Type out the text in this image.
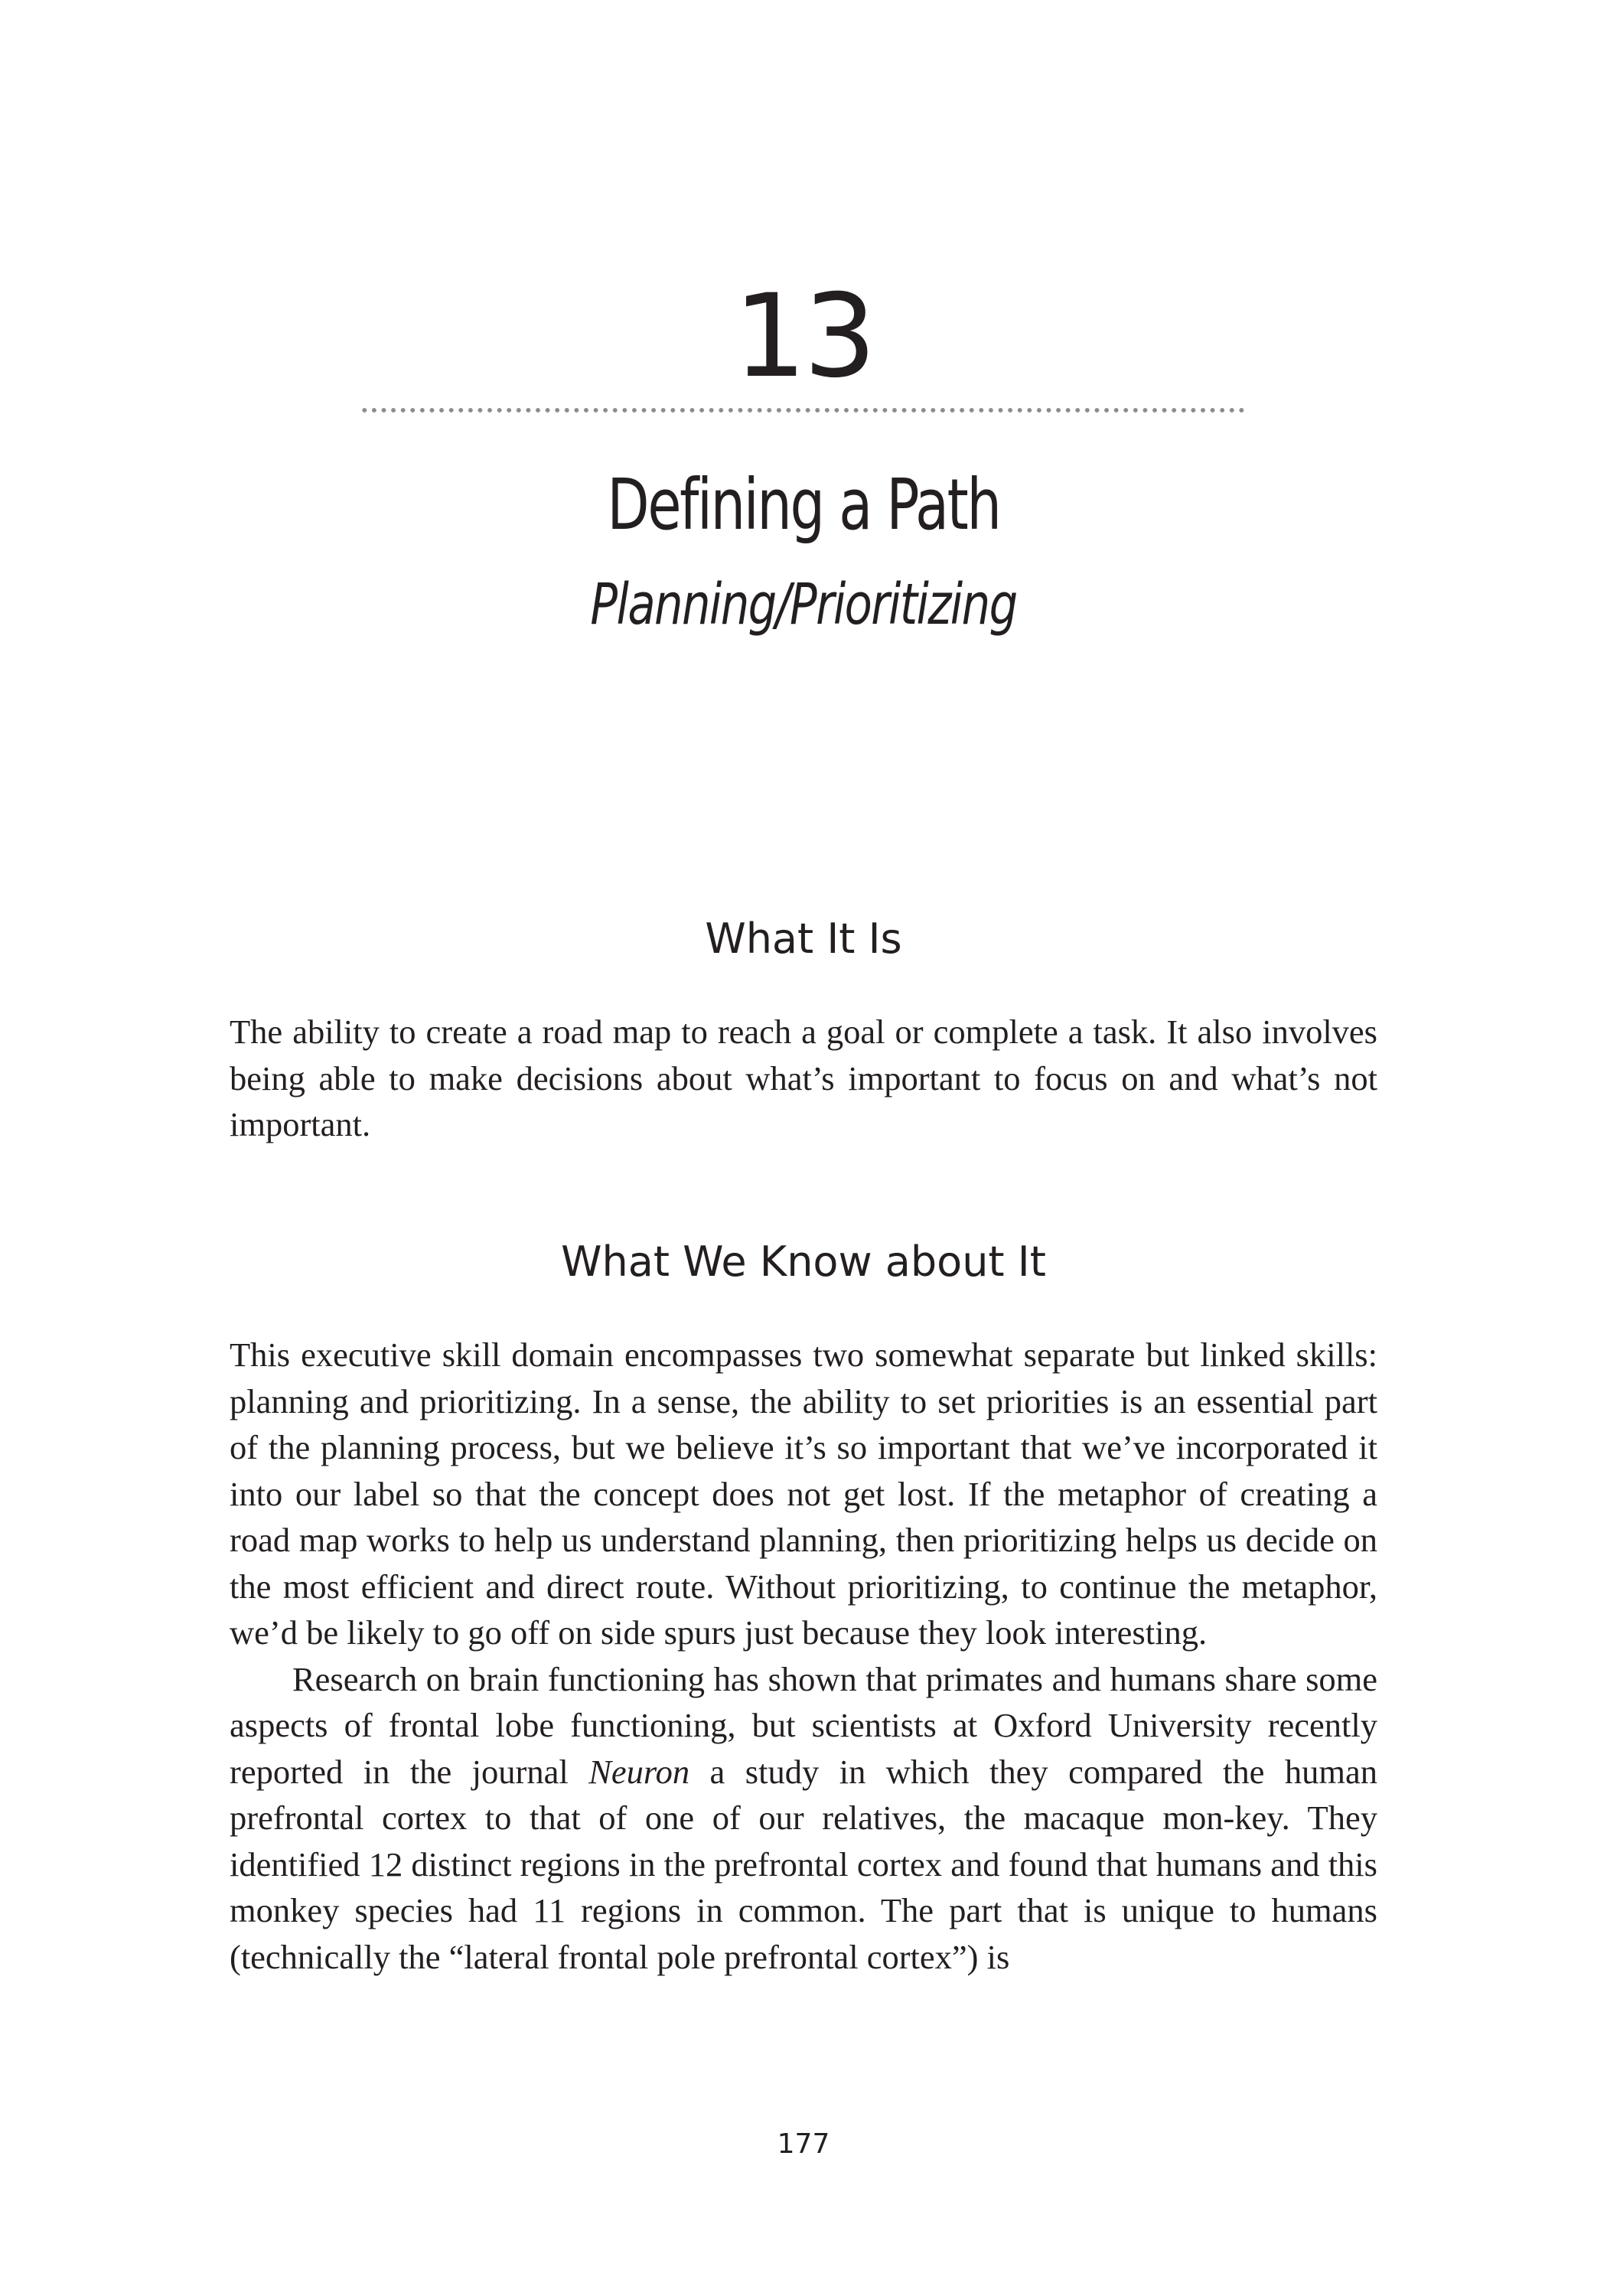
13
Defining a Path
Planning/Prioritizing
What It Is

The ability to create a road map to reach a goal or complete a task. It also involves being able to make decisions about what’s important to focus on and what’s not important.

What We Know about It

This executive skill domain encompasses two somewhat separate but linked skills: planning and prioritizing. In a sense, the ability to set priorities is an essential part of the planning process, but we believe it’s so important that we’ve incorporated it into our label so that the concept does not get lost. If the metaphor of creating a road map works to help us understand planning, then prioritizing helps us decide on the most efficient and direct route. Without prioritizing, to continue the metaphor, we’d be likely to go off on side spurs just because they look interesting.

Research on brain functioning has shown that primates and humans share some aspects of frontal lobe functioning, but scientists at Oxford University recently reported in the journal Neuron a study in which they compared the human prefrontal cortex to that of one of our relatives, the macaque mon-key. They identified 12 distinct regions in the prefrontal cortex and found that humans and this monkey species had 11 regions in common. The part that is unique to humans (technically the “lateral frontal pole prefrontal cortex”) is

177
